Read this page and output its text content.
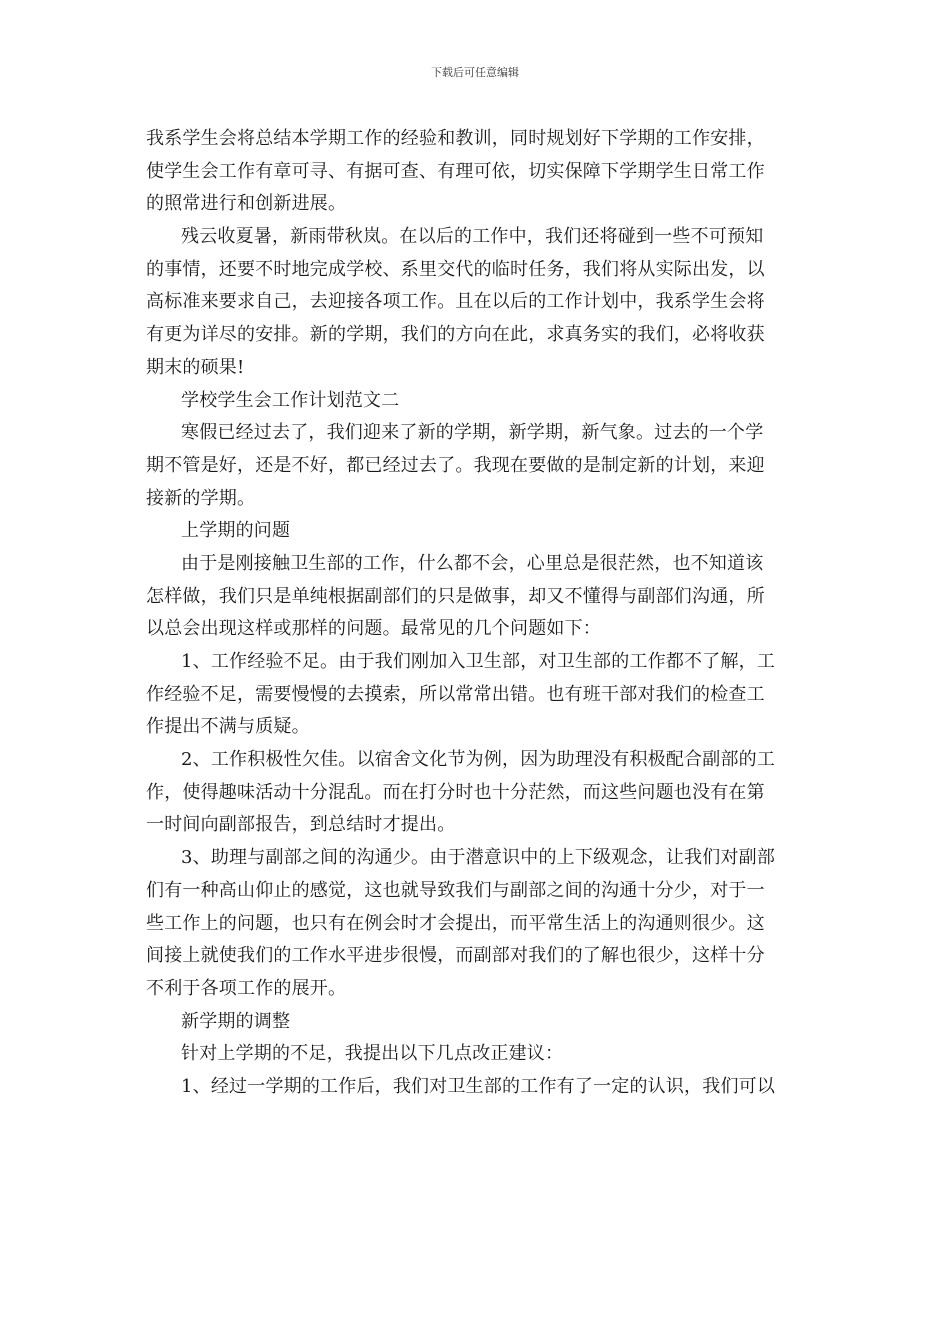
下载后可任意编辑
我系学生会将总结本学期工作的经验和教训，同时规划好下学期的工作安排，
使学生会工作有章可寻、有据可查、有理可依，切实保障下学期学生日常工作
的照常进行和创新进展。
残云收夏暑，新雨带秋岚。在以后的工作中，我们还将碰到一些不可预知
的事情，还要不时地完成学校、系里交代的临时任务，我们将从实际出发，以
高标准来要求自己，去迎接各项工作。且在以后的工作计划中，我系学生会将
有更为详尽的安排。新的学期，我们的方向在此，求真务实的我们，必将收获
期末的硕果!
学校学生会工作计划范文二
寒假已经过去了，我们迎来了新的学期，新学期，新气象。过去的一个学
期不管是好，还是不好，都已经过去了。我现在要做的是制定新的计划，来迎
接新的学期。
上学期的问题
由于是刚接触卫生部的工作，什么都不会，心里总是很茫然，也不知道该
怎样做，我们只是单纯根据副部们的只是做事，却又不懂得与副部们沟通，所
以总会出现这样或那样的问题。最常见的几个问题如下：
1、工作经验不足。由于我们刚加入卫生部，对卫生部的工作都不了解，工
作经验不足，需要慢慢的去摸索，所以常常出错。也有班干部对我们的检查工
作提出不满与质疑。
2、工作积极性欠佳。以宿舍文化节为例，因为助理没有积极配合副部的工
作，使得趣味活动十分混乱。而在打分时也十分茫然，而这些问题也没有在第
一时间向副部报告，到总结时才提出。
3、助理与副部之间的沟通少。由于潜意识中的上下级观念，让我们对副部
们有一种高山仰止的感觉，这也就导致我们与副部之间的沟通十分少，对于一
些工作上的问题，也只有在例会时才会提出，而平常生活上的沟通则很少。这
间接上就使我们的工作水平进步很慢，而副部对我们的了解也很少，这样十分
不利于各项工作的展开。
新学期的调整
针对上学期的不足，我提出以下几点改正建议：
1、经过一学期的工作后，我们对卫生部的工作有了一定的认识，我们可以
